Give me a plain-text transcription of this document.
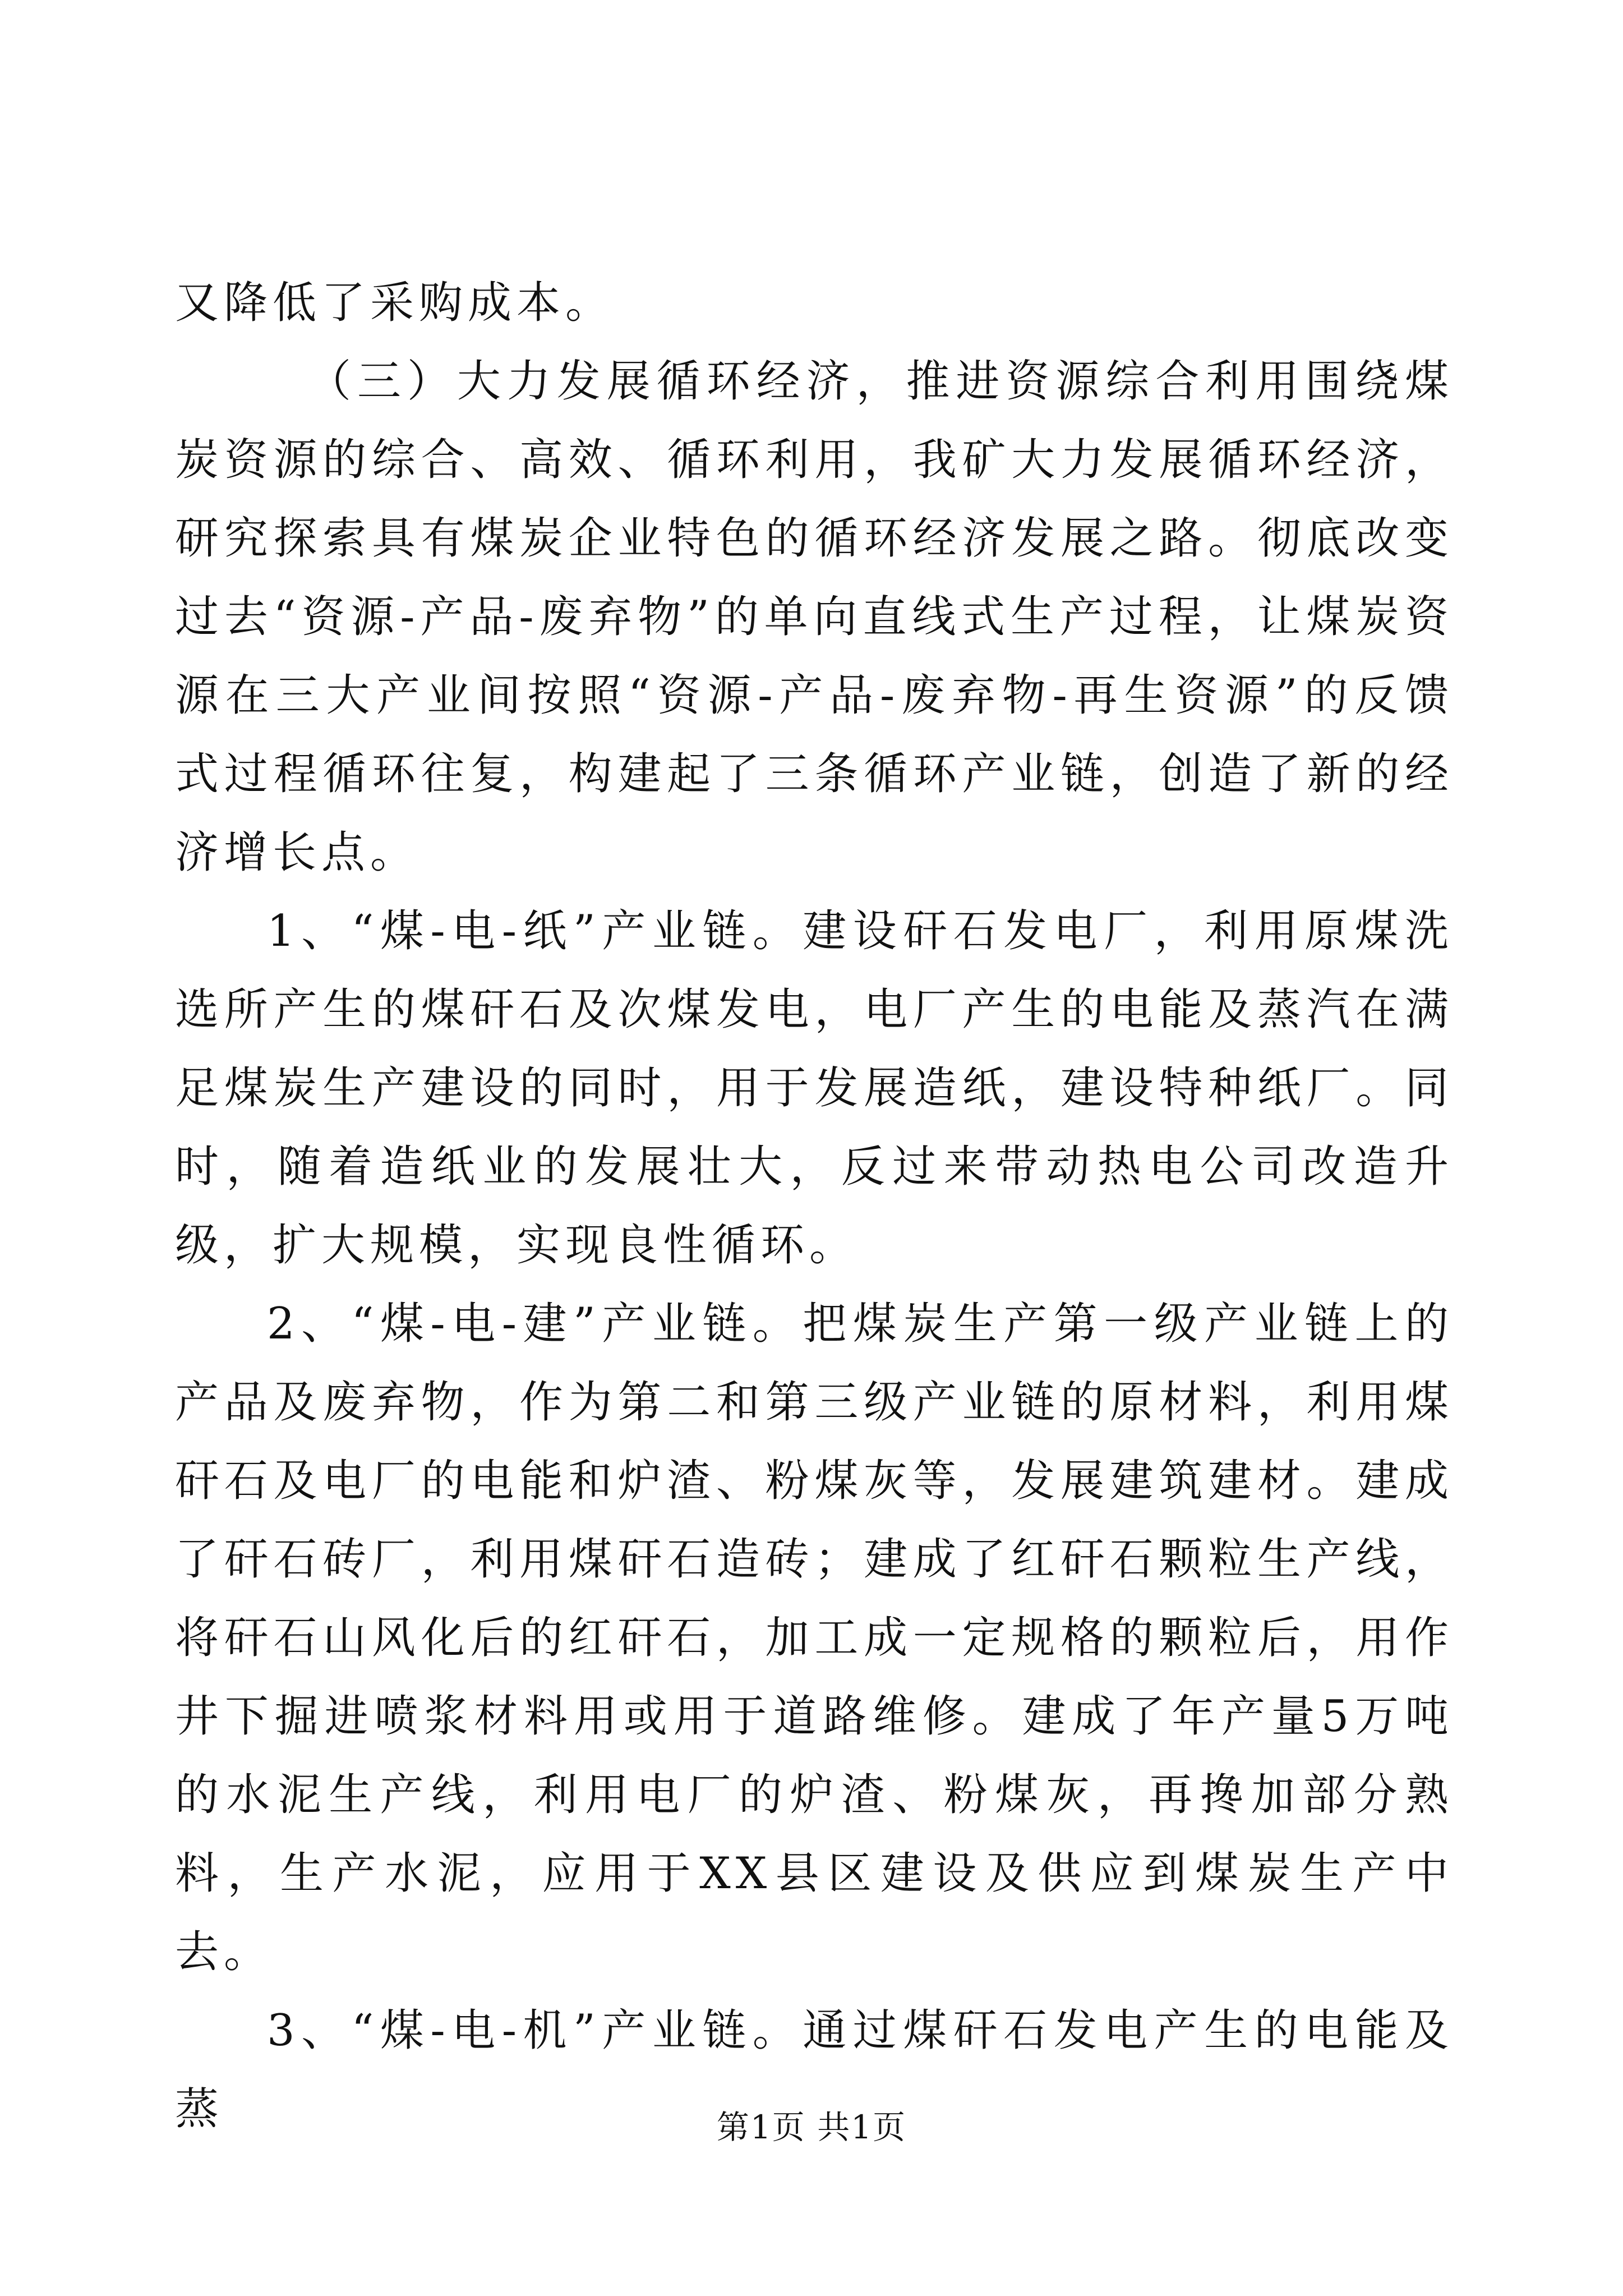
又降低了采购成本。

（三）大力发展循环经济，推进资源综合利用围绕煤炭资源的综合、高效、循环利用，我矿大力发展循环经济，研究探索具有煤炭企业特色的循环经济发展之路。彻底改变过去“资源-产品-废弃物”的单向直线式生产过程，让煤炭资源在三大产业间按照“资源-产品-废弃物-再生资源”的反馈式过程循环往复，构建起了三条循环产业链，创造了新的经济增长点。

1、“煤-电-纸”产业链。建设矸石发电厂，利用原煤洗选所产生的煤矸石及次煤发电，电厂产生的电能及蒸汽在满足煤炭生产建设的同时，用于发展造纸，建设特种纸厂。同时，随着造纸业的发展壮大，反过来带动热电公司改造升级，扩大规模，实现良性循环。

2、“煤-电-建”产业链。把煤炭生产第一级产业链上的产品及废弃物，作为第二和第三级产业链的原材料，利用煤矸石及电厂的电能和炉渣、粉煤灰等，发展建筑建材。建成了矸石砖厂，利用煤矸石造砖；建成了红矸石颗粒生产线，将矸石山风化后的红矸石，加工成一定规格的颗粒后，用作井下掘进喷浆材料用或用于道路维修。建成了年产量5万吨的水泥生产线，利用电厂的炉渣、粉煤灰，再搀加部分熟料，生产水泥，应用于XX县区建设及供应到煤炭生产中去。

3、“煤-电-机”产业链。通过煤矸石发电产生的电能及蒸	第1页 共1页
